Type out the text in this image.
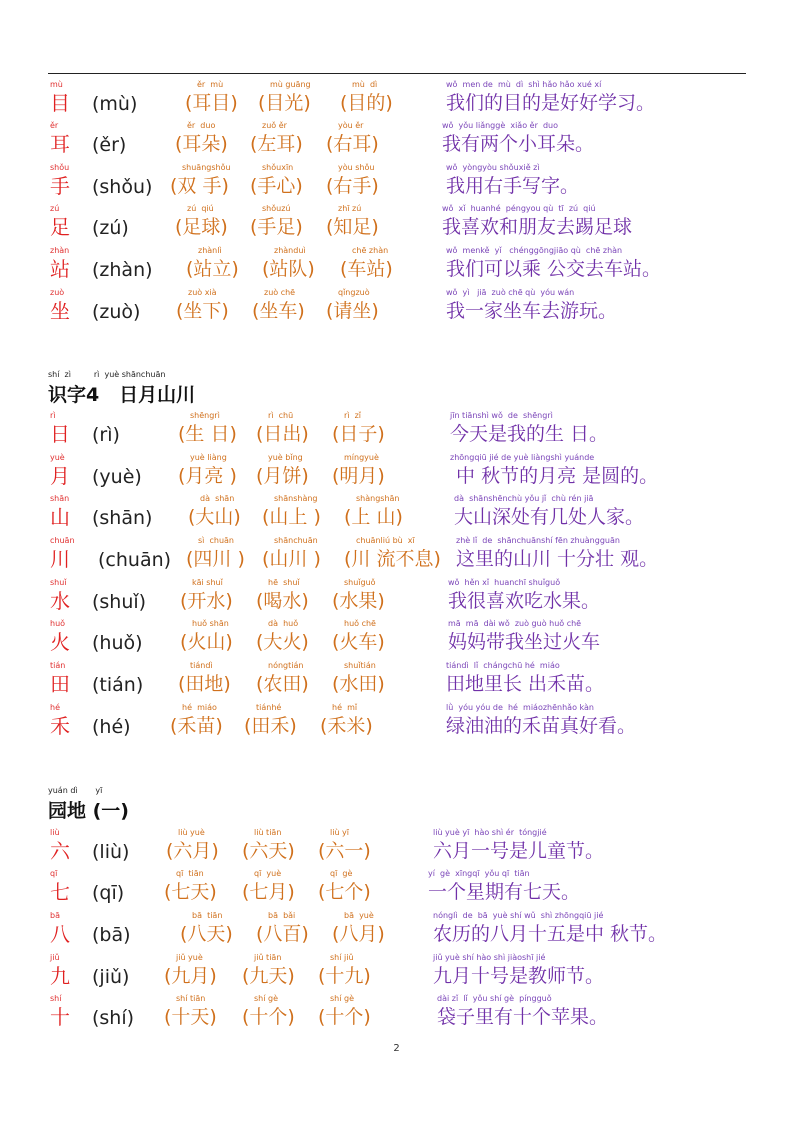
shí  zì         rì  yuè shānchuān
识字4   日月山川
yuán dì       yī
园地 (一)
mù
目 (mù)
ěr  mù
(耳目)
mù guāng
(目光)
mù  dì
(目的)
wǒ  men de  mù  dì  shì hǎo hǎo xué xí
我们的目的是好好学习。
ěr
耳 (ěr)
ěr  duo
(耳朵)
zuǒ ěr
(左耳)
yòu ěr
(右耳)
wǒ  yǒu liǎnggè  xiǎo ěr  duo
我有两个小耳朵。
shǒu
手 (shǒu)
shuāngshǒu
(双 手)
shǒuxīn
(手心)
yòu shǒu
(右手)
wǒ  yòngyòu shǒuxiě zì
我用右手写字。
zú
足 (zú)
zú  qiú
(足球)
shǒuzú
(手足)
zhī zú
(知足)
wǒ  xǐ  huanhé  péngyou qù  tī  zú  qiú
我喜欢和朋友去踢足球
zhàn
站 (zhàn)
zhànlì
(站立)
zhànduì
(站队)
chē zhàn
(车站)
wǒ  menkě  yǐ   chénggōngjiāo qù  chē zhàn
我们可以乘 公交去车站。
zuò
坐 (zuò)
zuò xià
(坐下)
zuò chē
(坐车)
qǐngzuò
(请坐)
wǒ  yì   jiā  zuò chē qù  yóu wán
我一家坐车去游玩。
rì
日 (rì)
shēngrì
(生 日)
rì  chū
(日出)
rì  zǐ
(日子)
jīn tiānshì wǒ  de  shēngrì
今天是我的生 日。
yuè
月 (yuè)
yuè liàng
(月亮 )
yuè bǐng
(月饼)
míngyuè
(明月)
zhōngqiū jié de yuè liàngshì yuánde
中 秋节的月亮 是圆的。
shān
山 (shān)
dà  shān
(大山)
shānshàng
(山上 )
shàngshān
(上 山)
dà  shānshēnchù yǒu jǐ  chù rén jiā
大山深处有几处人家。
chuān
川 (chuān)
sì  chuān
(四川 )
shānchuān
(山川 )
chuānliú bù  xī
(川 流不息)
zhè lǐ  de  shānchuānshí fēn zhuàngguān
这里的山川 十分壮 观。
shuǐ
水 (shuǐ)
kāi shuǐ
(开水)
hē  shuǐ
(喝水)
shuǐguǒ
(水果)
wǒ  hěn xǐ  huanchī shuǐguǒ
我很喜欢吃水果。
huǒ
火 (huǒ)
huǒ shān
(火山)
dà  huǒ
(大火)
huǒ chē
(火车)
mā  mā  dài wǒ  zuò guò huǒ chē
妈妈带我坐过火车
tián
田 (tián)
tiándì
(田地)
nóngtián
(农田)
shuǐtián
(水田)
tiándì  lǐ  chángchū hé  miáo
田地里长 出禾苗。
hé
禾 (hé)
hé  miáo
(禾苗)
tiánhé
(田禾)
hé  mǐ
(禾米)
lǜ  yóu yóu de  hé  miáozhēnhǎo kàn
绿油油的禾苗真好看。
liù
六 (liù)
liù yuè
(六月)
liù tiān
(六天)
liù yī
(六一)
liù yuè yī  hào shì ér  tóngjié
六月一号是儿童节。
qī
七 (qī)
qī  tiān
(七天)
qī  yuè
(七月)
qī  gè
(七个)
yí  gè  xīngqī  yǒu qī  tiān
一个星期有七天。
bā
八 (bā)
bā  tiān
(八天)
bā  bǎi
(八百)
bā  yuè
(八月)
nónglì  de  bā  yuè shí wǔ  shì zhōngqiū jié
农历的八月十五是中 秋节。
jiǔ
九 (jiǔ)
jiǔ yuè
(九月)
jiǔ tiān
(九天)
shí jiǔ
(十九)
jiǔ yuè shí hào shì jiàoshī jié
九月十号是教师节。
shí
十 (shí)
shí tiān
(十天)
shí gè
(十个)
shí gè
(十个)
dài zǐ  lǐ  yǒu shí gè  píngguǒ
袋子里有十个苹果。
2
